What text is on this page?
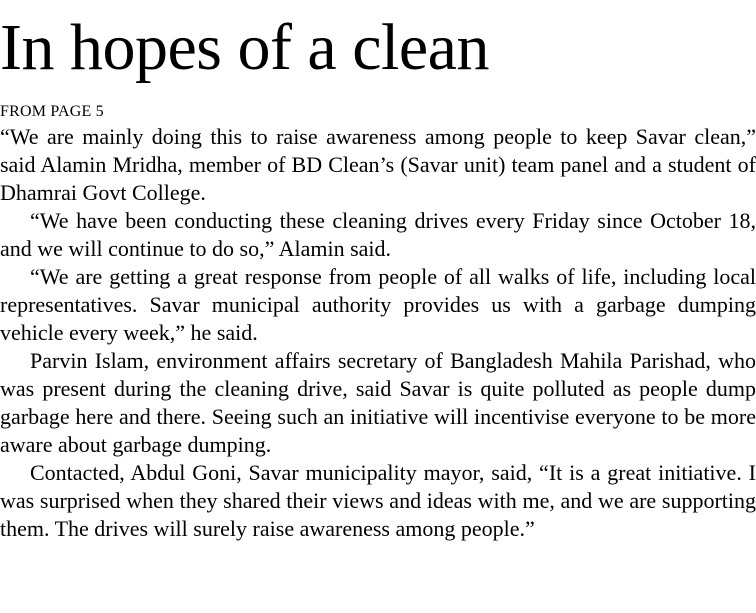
In hopes of a clean
FROM PAGE 5

“We are mainly doing this to raise awareness among people to keep Savar clean,” said Alamin Mridha, member of BD Clean’s (Savar unit) team panel and a student of Dhamrai Govt College.

“We have been conducting these cleaning drives every Friday since October 18, and we will continue to do so,” Alamin said.

“We are getting a great response from people of all walks of life, including local representatives. Savar municipal authority provides us with a garbage dumping vehicle every week,” he said.

Parvin Islam, environment affairs secretary of Bangladesh Mahila Parishad, who was present during the cleaning drive, said Savar is quite polluted as people dump garbage here and there. Seeing such an initiative will incentivise everyone to be more aware about garbage dumping.

Contacted, Abdul Goni, Savar municipality mayor, said, “It is a great initiative. I was surprised when they shared their views and ideas with me, and we are supporting them. The drives will surely raise awareness among people.”
